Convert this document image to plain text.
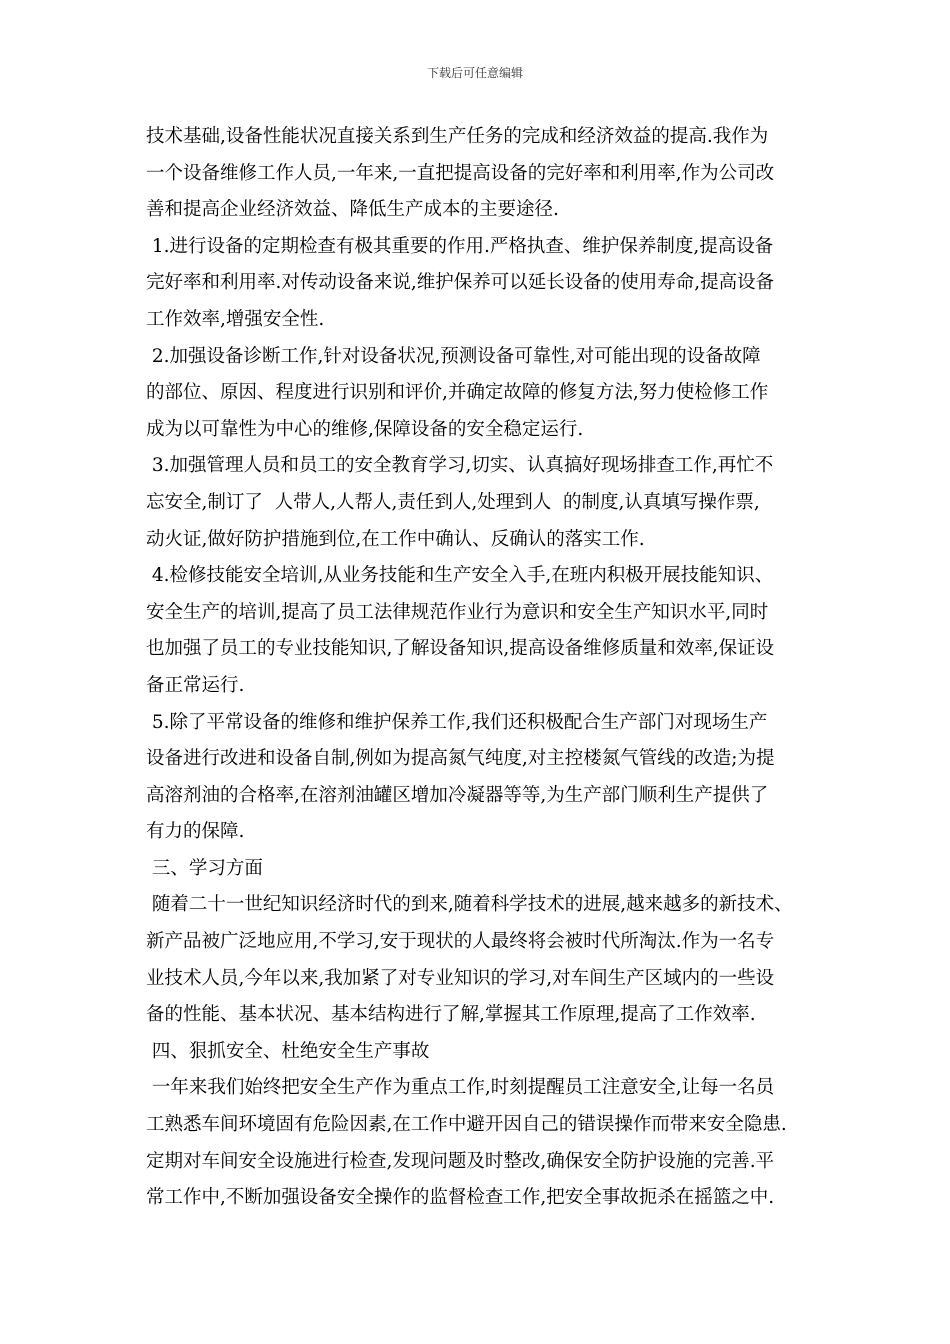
下载后可任意编辑
技术基础,设备性能状况直接关系到生产任务的完成和经济效益的提高.我作为
一个设备维修工作人员,一年来,一直把提高设备的完好率和利用率,作为公司改
善和提高企业经济效益、降低生产成本的主要途径.
1.进行设备的定期检查有极其重要的作用.严格执查、维护保养制度,提高设备
完好率和利用率.对传动设备来说,维护保养可以延长设备的使用寿命,提高设备
工作效率,增强安全性.
2.加强设备诊断工作,针对设备状况,预测设备可靠性,对可能出现的设备故障
的部位、原因、程度进行识别和评价,并确定故障的修复方法,努力使检修工作
成为以可靠性为中心的维修,保障设备的安全稳定运行.
3.加强管理人员和员工的安全教育学习,切实、认真搞好现场排查工作,再忙不
忘安全,制订了  人带人,人帮人,责任到人,处理到人  的制度,认真填写操作票,
动火证,做好防护措施到位,在工作中确认、反确认的落实工作.
4.检修技能安全培训,从业务技能和生产安全入手,在班内积极开展技能知识、
安全生产的培训,提高了员工法律规范作业行为意识和安全生产知识水平,同时
也加强了员工的专业技能知识,了解设备知识,提高设备维修质量和效率,保证设
备正常运行.
5.除了平常设备的维修和维护保养工作,我们还积极配合生产部门对现场生产
设备进行改进和设备自制,例如为提高氮气纯度,对主控楼氮气管线的改造;为提
高溶剂油的合格率,在溶剂油罐区增加冷凝器等等,为生产部门顺利生产提供了
有力的保障.
三、学习方面
随着二十一世纪知识经济时代的到来,随着科学技术的进展,越来越多的新技术、
新产品被广泛地应用,不学习,安于现状的人最终将会被时代所淘汰.作为一名专
业技术人员,今年以来,我加紧了对专业知识的学习,对车间生产区域内的一些设
备的性能、基本状况、基本结构进行了解,掌握其工作原理,提高了工作效率.
四、狠抓安全、杜绝安全生产事故
一年来我们始终把安全生产作为重点工作,时刻提醒员工注意安全,让每一名员
工熟悉车间环境固有危险因素,在工作中避开因自己的错误操作而带来安全隐患.
定期对车间安全设施进行检查,发现问题及时整改,确保安全防护设施的完善.平
常工作中,不断加强设备安全操作的监督检查工作,把安全事故扼杀在摇篮之中.
